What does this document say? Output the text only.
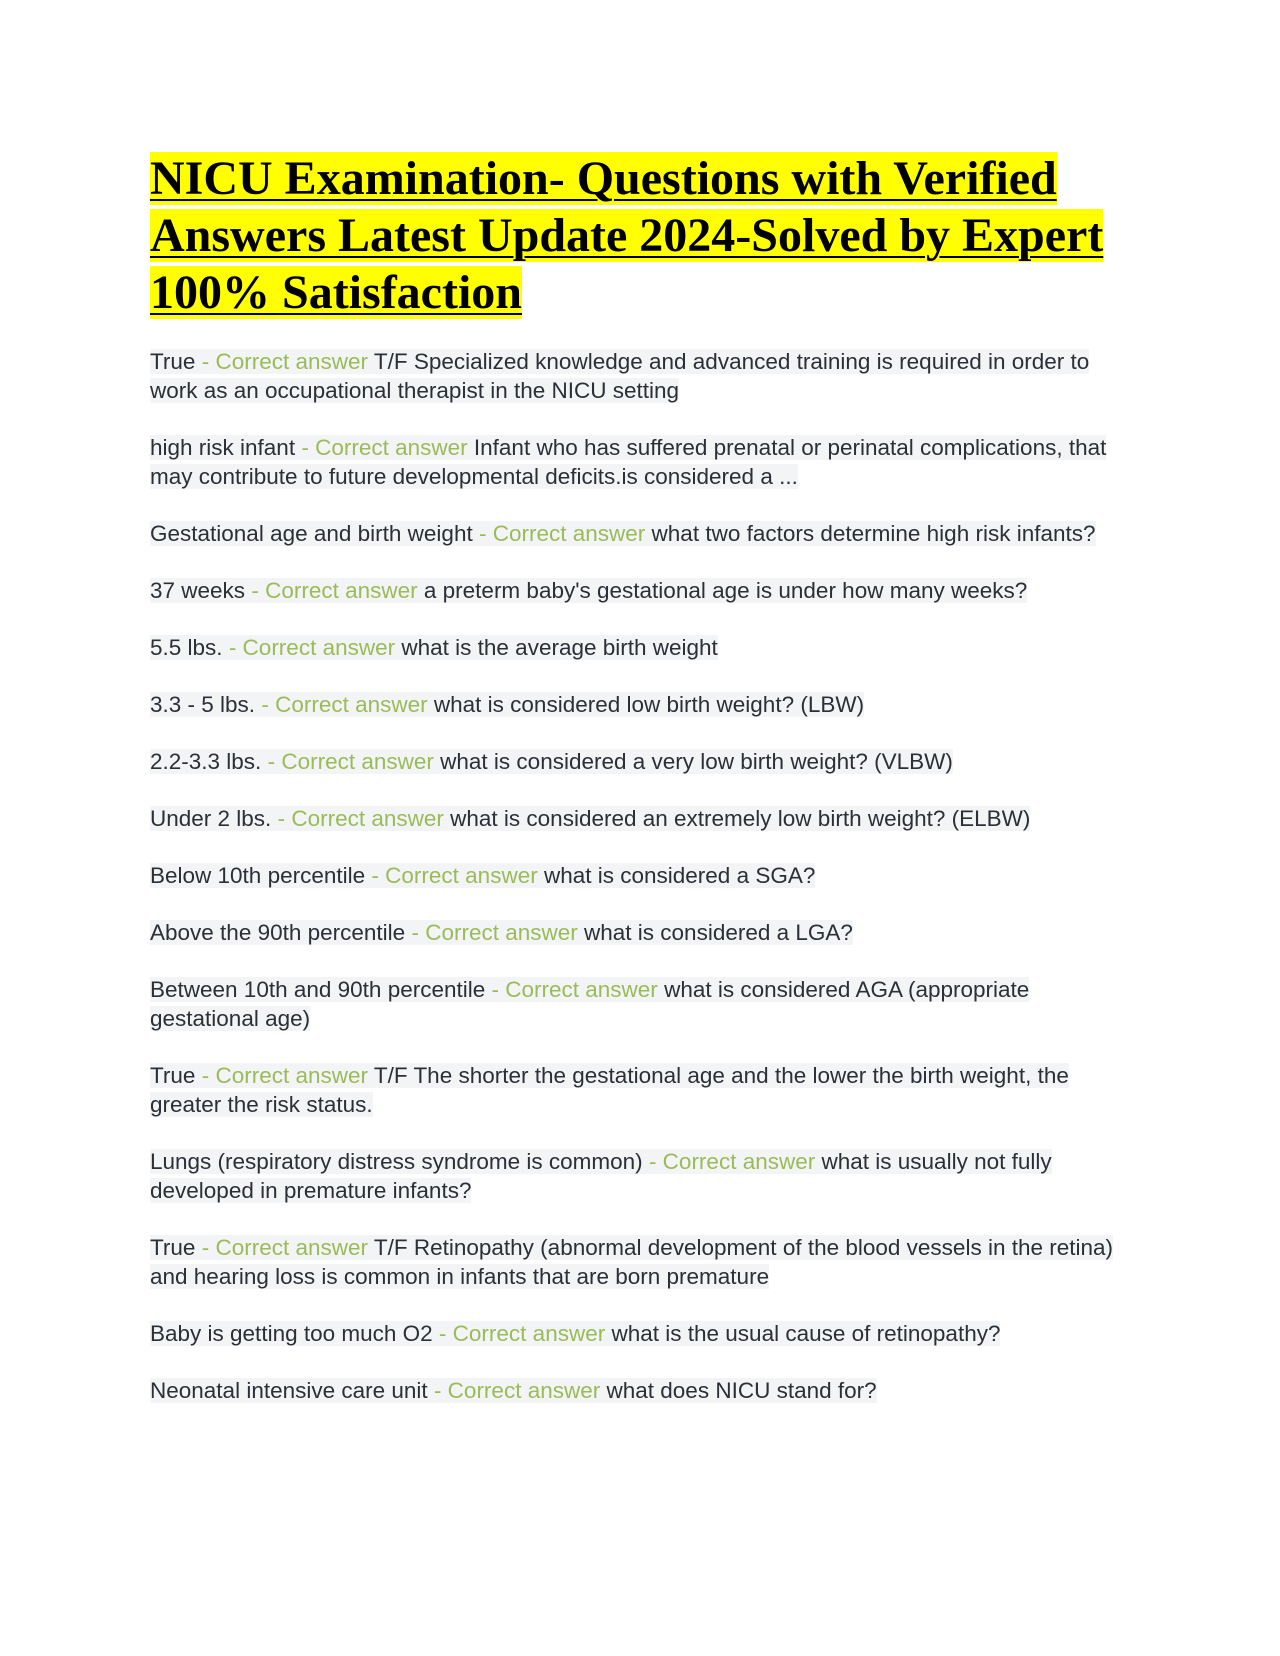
NICU Examination- Questions with Verified Answers Latest Update 2024-Solved by Expert 100% Satisfaction

True - Correct answer T/F Specialized knowledge and advanced training is required in order to work as an occupational therapist in the NICU setting

high risk infant - Correct answer Infant who has suffered prenatal or perinatal complications, that may contribute to future developmental deficits.is considered a ...

Gestational age and birth weight - Correct answer what two factors determine high risk infants?

37 weeks - Correct answer a preterm baby's gestational age is under how many weeks?

5.5 lbs. - Correct answer what is the average birth weight

3.3 - 5 lbs. - Correct answer what is considered low birth weight? (LBW)

2.2-3.3 lbs. - Correct answer what is considered a very low birth weight? (VLBW)

Under 2 lbs. - Correct answer what is considered an extremely low birth weight? (ELBW)

Below 10th percentile - Correct answer what is considered a SGA?

Above the 90th percentile - Correct answer what is considered a LGA?

Between 10th and 90th percentile - Correct answer what is considered AGA (appropriate gestational age)

True - Correct answer T/F The shorter the gestational age and the lower the birth weight, the greater the risk status.

Lungs (respiratory distress syndrome is common) - Correct answer what is usually not fully developed in premature infants?

True - Correct answer T/F Retinopathy (abnormal development of the blood vessels in the retina) and hearing loss is common in infants that are born premature

Baby is getting too much O2 - Correct answer what is the usual cause of retinopathy?

Neonatal intensive care unit - Correct answer what does NICU stand for?
